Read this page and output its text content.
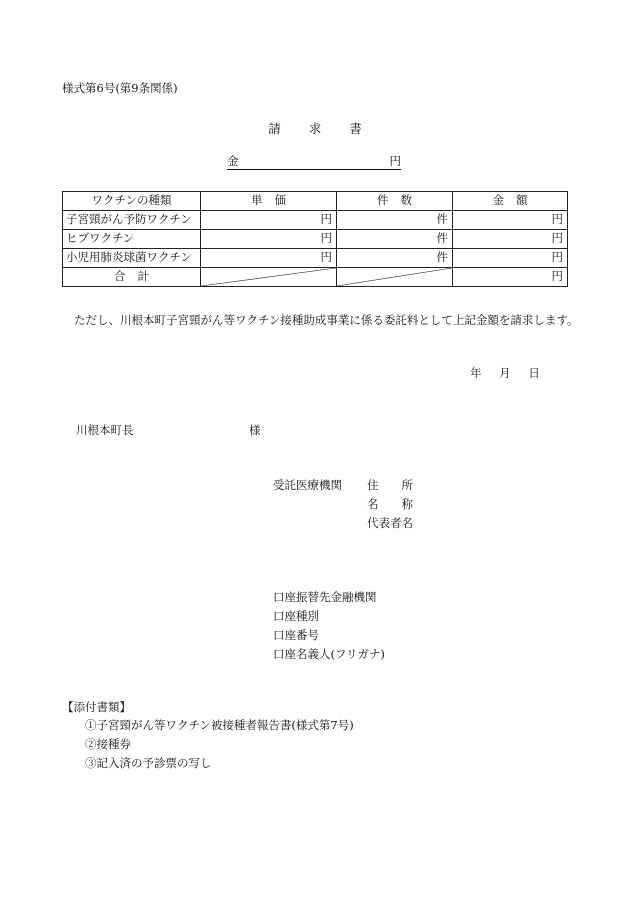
様式第6号(第9条関係)
請 求 書
金	円
ワクチンの種類	単 価	件 数	金 額
子宮頸がん予防ワクチン	円	件	円
ヒブワクチン	円	件	円
小児用肺炎球菌ワクチン	円	件	円
合 計			円
ただし、川根本町子宮頸がん等ワクチン接種助成事業に係る委託料として上記金額を請求します。
年 月 日
川根本町長	様
受託医療機関 住　　所
名　　称
代表者名
口座振替先金融機関
口座種別
口座番号
口座名義人(フリガナ)
【添付書類】
①子宮頸がん等ワクチン被接種者報告書(様式第7号)
②接種券
③記入済の予診票の写し
